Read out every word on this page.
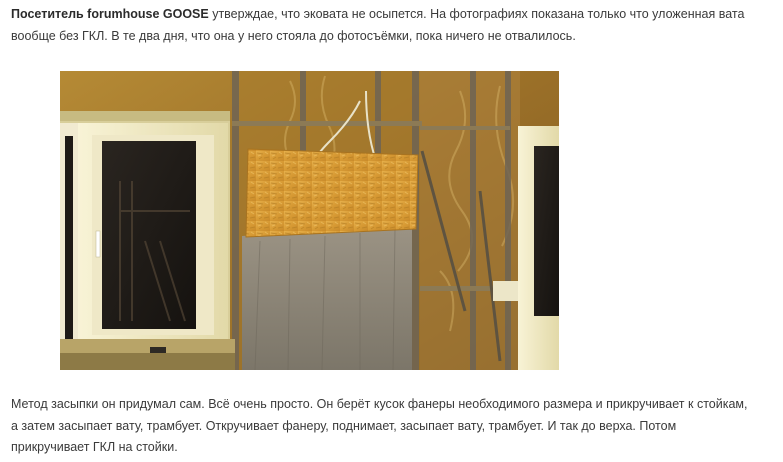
Посетитель forumhouse GOOSE утверждае, что эковата не осыпется. На фотографиях показана только что уложенная вата
вообще без ГКЛ. В те два дня, что она у него стояла до фотосъёмки, пока ничего не отвалилось.

Метод засыпки он придумал сам. Всё очень просто. Он берёт кусок фанеры необходимого размера и прикручивает к стойкам,
а затем засыпает вату, трамбует. Откручивает фанеру, поднимает, засыпает вату, трамбует. И так до верха. Потом
прикручивает ГКЛ на стойки.
